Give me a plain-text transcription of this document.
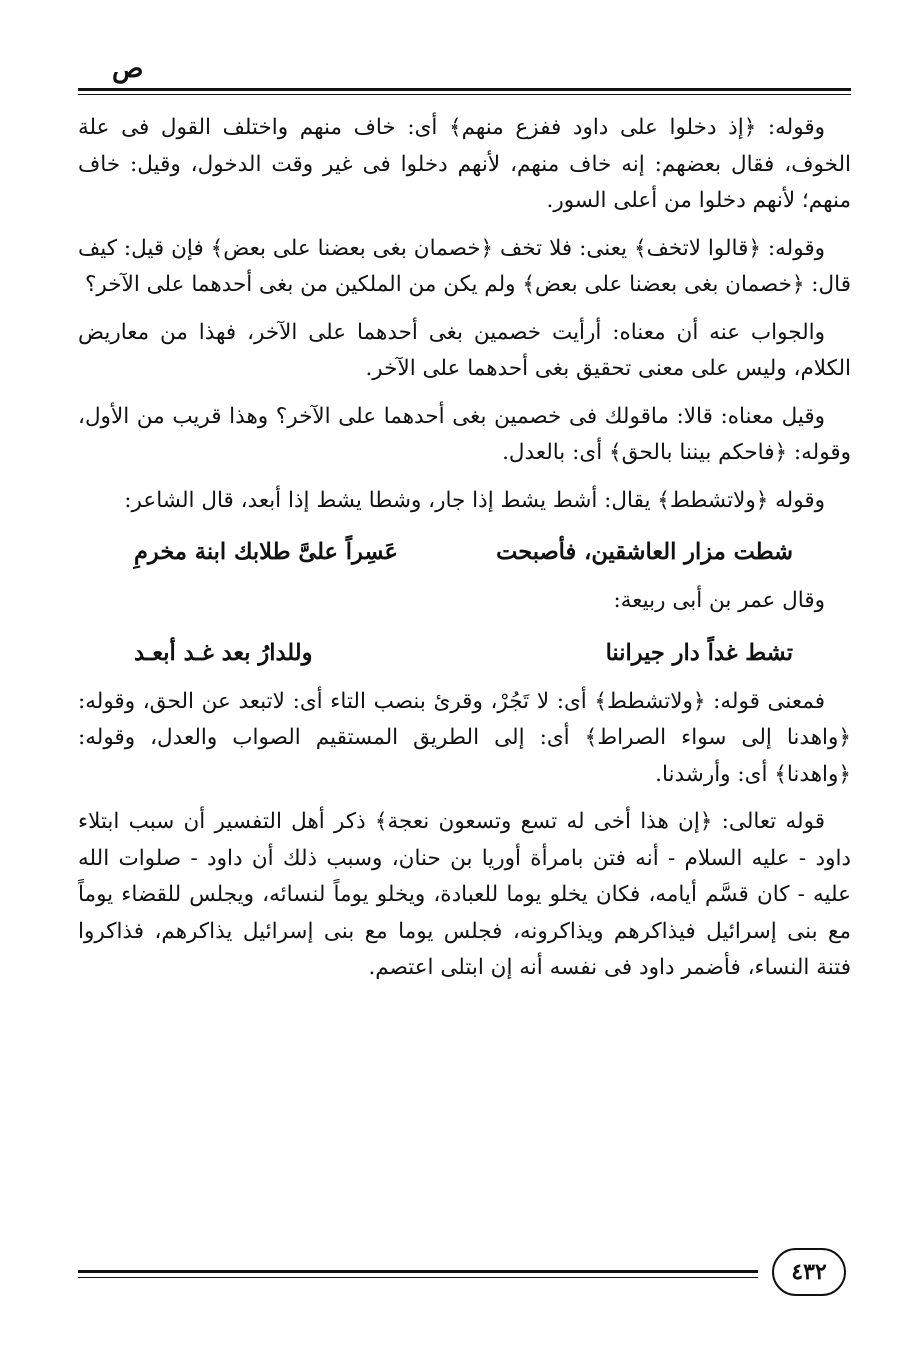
ص

وقوله: ﴿إذ دخلوا على داود ففزع منهم﴾ أى: خاف منهم واختلف القول فى علة الخوف، فقال بعضهم: إنه خاف منهم، لأنهم دخلوا فى غير وقت الدخول، وقيل: خاف منهم؛ لأنهم دخلوا من أعلى السور.

وقوله: ﴿قالوا لاتخف﴾ يعنى: فلا تخف ﴿خصمان بغى بعضنا على بعض﴾ فإن قيل: كيف قال: ﴿خصمان بغى بعضنا على بعض﴾ ولم يكن من الملكين من بغى أحدهما على الآخر؟

والجواب عنه أن معناه: أرأيت خصمين بغى أحدهما على الآخر، فهذا من معاريض الكلام، وليس على معنى تحقيق بغى أحدهما على الآخر.

وقيل معناه: قالا: ماقولك فى خصمين بغى أحدهما على الآخر؟ وهذا قريب من الأول، وقوله: ﴿فاحكم بيننا بالحق﴾ أى: بالعدل.

وقوله ﴿ولاتشطط﴾ يقال: أشط يشط إذا جار، وشطا يشط إذا أبعد، قال الشاعر:

شطت مزار العاشقين، فأصبحت
عَسِراً علىَّ طلابك ابنة مخرمِ

وقال عمر بن أبى ربيعة:

تشط غداً دار جيراننا
وللدارُ بعد غـد أبعـد

فمعنى قوله: ﴿ولاتشطط﴾ أى: لا تَجُرْ، وقرئ بنصب التاء أى: لاتبعد عن الحق، وقوله: ﴿واهدنا إلى سواء الصراط﴾ أى: إلى الطريق المستقيم الصواب والعدل، وقوله: ﴿واهدنا﴾ أى: وأرشدنا.

قوله تعالى: ﴿إن هذا أخى له تسع وتسعون نعجة﴾ ذكر أهل التفسير أن سبب ابتلاء داود - عليه السلام - أنه فتن بامرأة أوريا بن حنان، وسبب ذلك أن داود - صلوات الله عليه - كان قسَّم أيامه، فكان يخلو يوما للعبادة، ويخلو يوماً لنسائه، ويجلس للقضاء يوماً مع بنى إسرائيل فيذاكرهم ويذاكرونه، فجلس يوما مع بنى إسرائيل يذاكرهم، فذاكروا فتنة النساء، فأضمر داود فى نفسه أنه إن ابتلى اعتصم.

٤٣٢
